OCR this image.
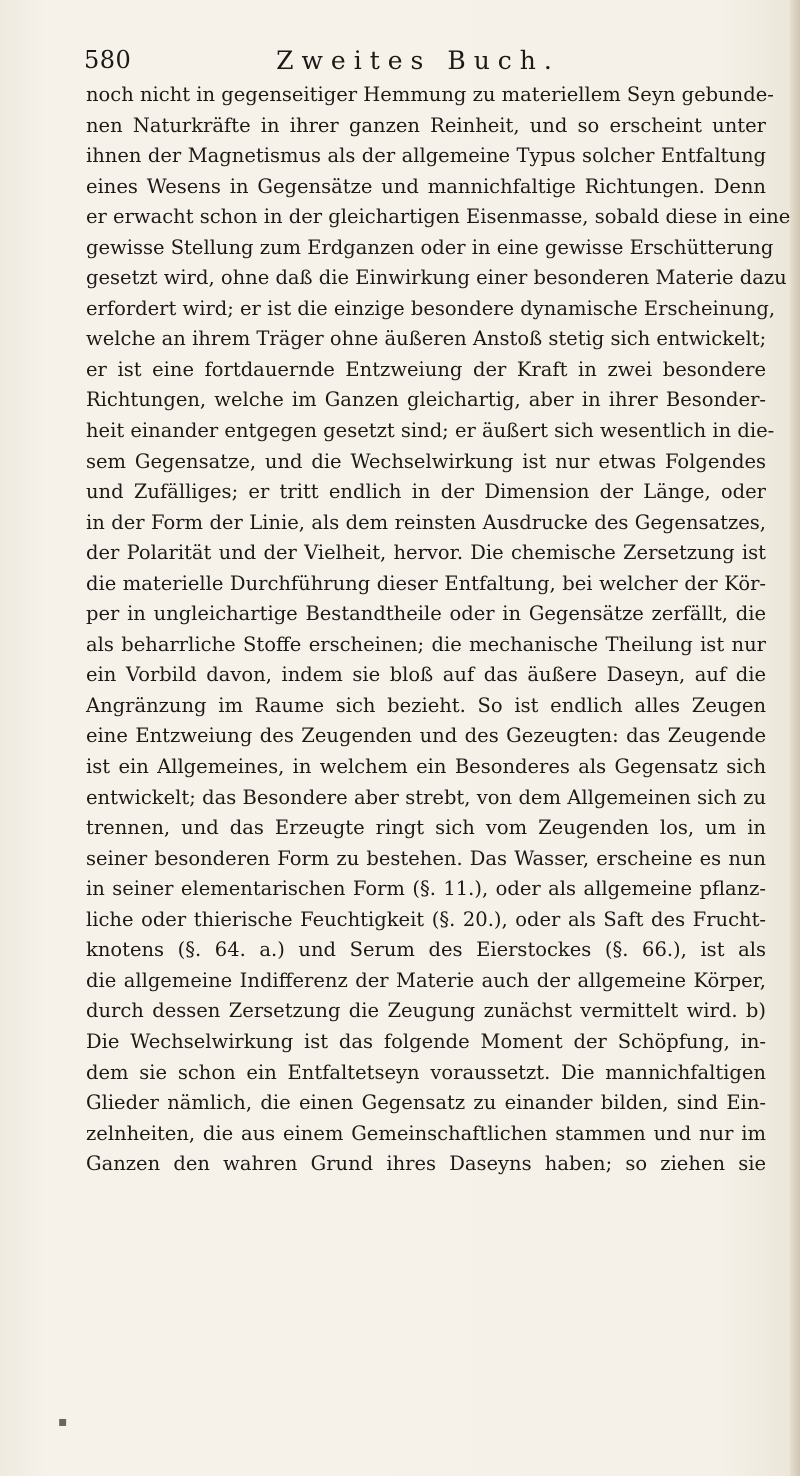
580	Zweites Buch.
noch nicht in gegenseitiger Hemmung zu materiellem Seyn gebunde-
nen Naturkräfte in ihrer ganzen Reinheit, und so erscheint unter
ihnen der Magnetismus als der allgemeine Typus solcher Entfaltung
eines Wesens in Gegensätze und mannichfaltige Richtungen. Denn
er erwacht schon in der gleichartigen Eisenmasse, sobald diese in eine
gewisse Stellung zum Erdganzen oder in eine gewisse Erschütterung
gesetzt wird, ohne daß die Einwirkung einer besonderen Materie dazu
erfordert wird; er ist die einzige besondere dynamische Erscheinung,
welche an ihrem Träger ohne äußeren Anstoß stetig sich entwickelt;
er ist eine fortdauernde Entzweiung der Kraft in zwei besondere
Richtungen, welche im Ganzen gleichartig, aber in ihrer Besonder-
heit einander entgegen gesetzt sind; er äußert sich wesentlich in die-
sem Gegensatze, und die Wechselwirkung ist nur etwas Folgendes
und Zufälliges; er tritt endlich in der Dimension der Länge, oder
in der Form der Linie, als dem reinsten Ausdrucke des Gegensatzes,
der Polarität und der Vielheit, hervor. Die chemische Zersetzung ist
die materielle Durchführung dieser Entfaltung, bei welcher der Kör-
per in ungleichartige Bestandtheile oder in Gegensätze zerfällt, die
als beharrliche Stoffe erscheinen; die mechanische Theilung ist nur
ein Vorbild davon, indem sie bloß auf das äußere Daseyn, auf die
Angränzung im Raume sich bezieht. So ist endlich alles Zeugen
eine Entzweiung des Zeugenden und des Gezeugten: das Zeugende
ist ein Allgemeines, in welchem ein Besonderes als Gegensatz sich
entwickelt; das Besondere aber strebt, von dem Allgemeinen sich zu
trennen, und das Erzeugte ringt sich vom Zeugenden los, um in
seiner besonderen Form zu bestehen. Das Wasser, erscheine es nun
in seiner elementarischen Form (§. 11.), oder als allgemeine pflanz-
liche oder thierische Feuchtigkeit (§. 20.), oder als Saft des Frucht-
knotens (§. 64. a.) und Serum des Eierstockes (§. 66.), ist als
die allgemeine Indifferenz der Materie auch der allgemeine Körper,
durch dessen Zersetzung die Zeugung zunächst vermittelt wird. b)
Die Wechselwirkung ist das folgende Moment der Schöpfung, in-
dem sie schon ein Entfaltetseyn voraussetzt. Die mannichfaltigen
Glieder nämlich, die einen Gegensatz zu einander bilden, sind Ein-
zelnheiten, die aus einem Gemeinschaftlichen stammen und nur im
Ganzen den wahren Grund ihres Daseyns haben; so ziehen sie
▪
